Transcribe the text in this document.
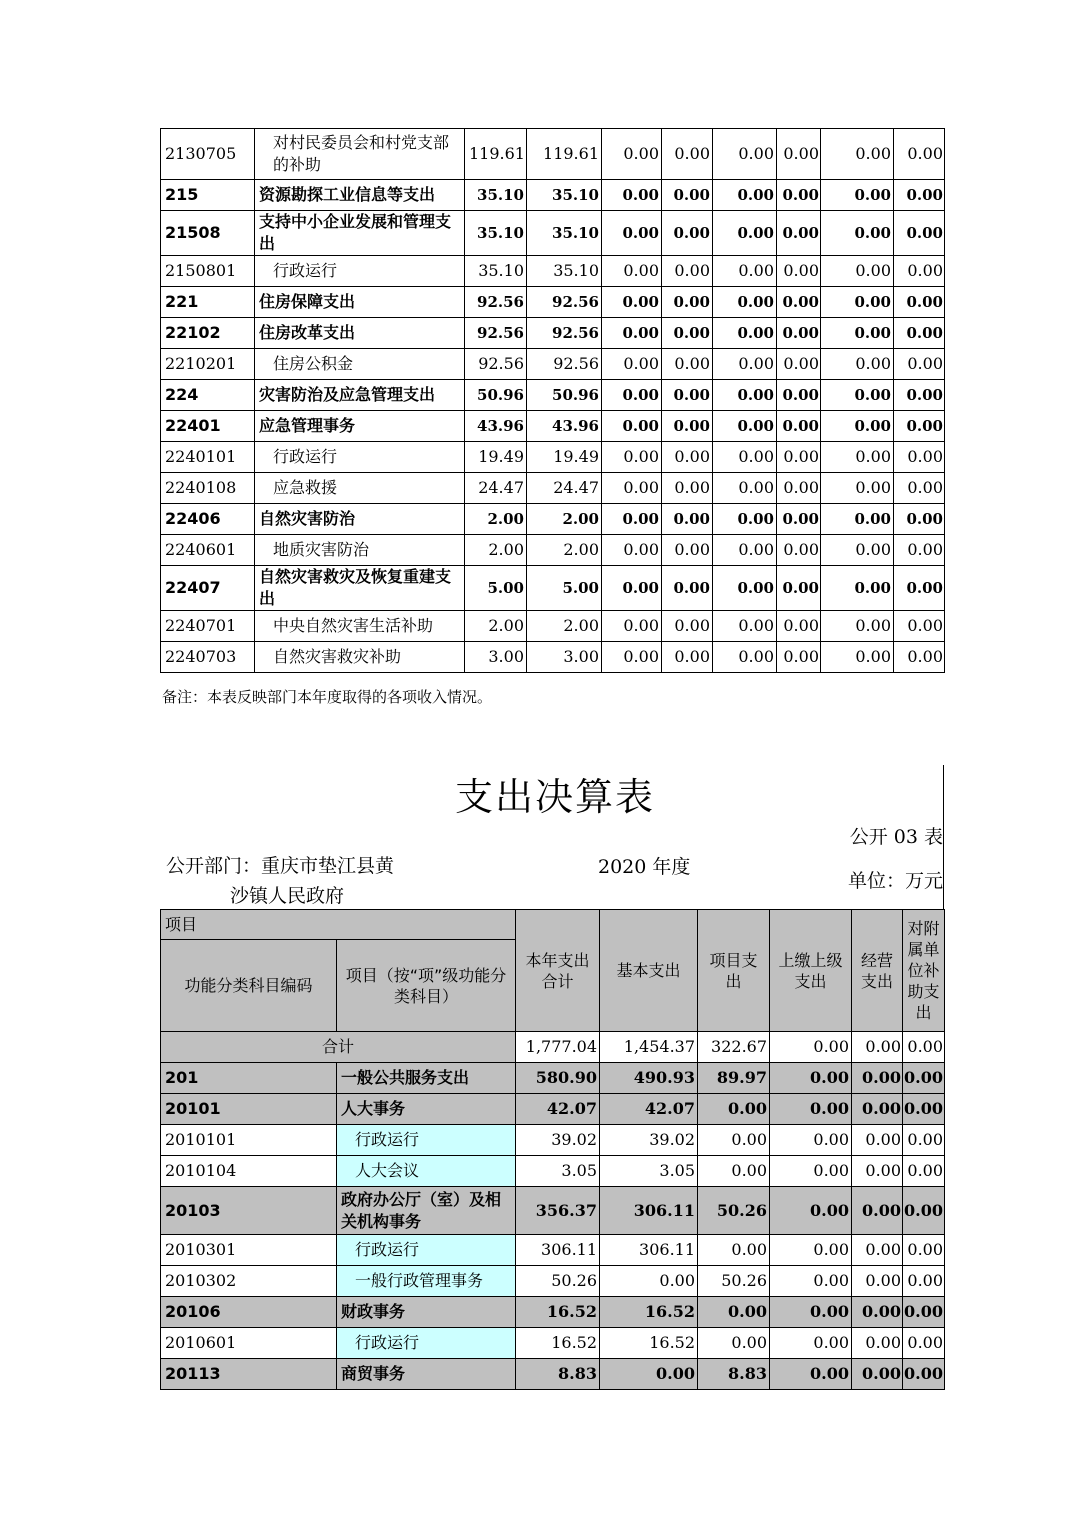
2130705	对村民委员会和村党支部的补助	119.61	119.61	0.00	0.00	0.00	0.00	0.00	0.00
215	资源勘探工业信息等支出	35.10	35.10	0.00	0.00	0.00	0.00	0.00	0.00
21508	支持中小企业发展和管理支出	35.10	35.10	0.00	0.00	0.00	0.00	0.00	0.00
2150801	行政运行	35.10	35.10	0.00	0.00	0.00	0.00	0.00	0.00
221	住房保障支出	92.56	92.56	0.00	0.00	0.00	0.00	0.00	0.00
22102	住房改革支出	92.56	92.56	0.00	0.00	0.00	0.00	0.00	0.00
2210201	住房公积金	92.56	92.56	0.00	0.00	0.00	0.00	0.00	0.00
224	灾害防治及应急管理支出	50.96	50.96	0.00	0.00	0.00	0.00	0.00	0.00
22401	应急管理事务	43.96	43.96	0.00	0.00	0.00	0.00	0.00	0.00
2240101	行政运行	19.49	19.49	0.00	0.00	0.00	0.00	0.00	0.00
2240108	应急救援	24.47	24.47	0.00	0.00	0.00	0.00	0.00	0.00
22406	自然灾害防治	2.00	2.00	0.00	0.00	0.00	0.00	0.00	0.00
2240601	地质灾害防治	2.00	2.00	0.00	0.00	0.00	0.00	0.00	0.00
22407	自然灾害救灾及恢复重建支出	5.00	5.00	0.00	0.00	0.00	0.00	0.00	0.00
2240701	中央自然灾害生活补助	2.00	2.00	0.00	0.00	0.00	0.00	0.00	0.00
2240703	自然灾害救灾补助	3.00	3.00	0.00	0.00	0.00	0.00	0.00	0.00
备注：本表反映部门本年度取得的各项收入情况。
支出决算表
公开 03 表
公开部门：重庆市垫江县黄
沙镇人民政府
2020 年度
单位：万元
项目		本年支出合计	基本支出	项目支出	上缴上级支出	经营支出	对附属单位补助支出
功能分类科目编码	项目（按“项”级功能分类科目）						
合计		1,777.04	1,454.37	322.67	0.00	0.00	0.00
201	一般公共服务支出	580.90	490.93	89.97	0.00	0.00	0.00
20101	人大事务	42.07	42.07	0.00	0.00	0.00	0.00
2010101	行政运行	39.02	39.02	0.00	0.00	0.00	0.00
2010104	人大会议	3.05	3.05	0.00	0.00	0.00	0.00
20103	政府办公厅（室）及相关机构事务	356.37	306.11	50.26	0.00	0.00	0.00
2010301	行政运行	306.11	306.11	0.00	0.00	0.00	0.00
2010302	一般行政管理事务	50.26	0.00	50.26	0.00	0.00	0.00
20106	财政事务	16.52	16.52	0.00	0.00	0.00	0.00
2010601	行政运行	16.52	16.52	0.00	0.00	0.00	0.00
20113	商贸事务	8.83	0.00	8.83	0.00	0.00	0.00
